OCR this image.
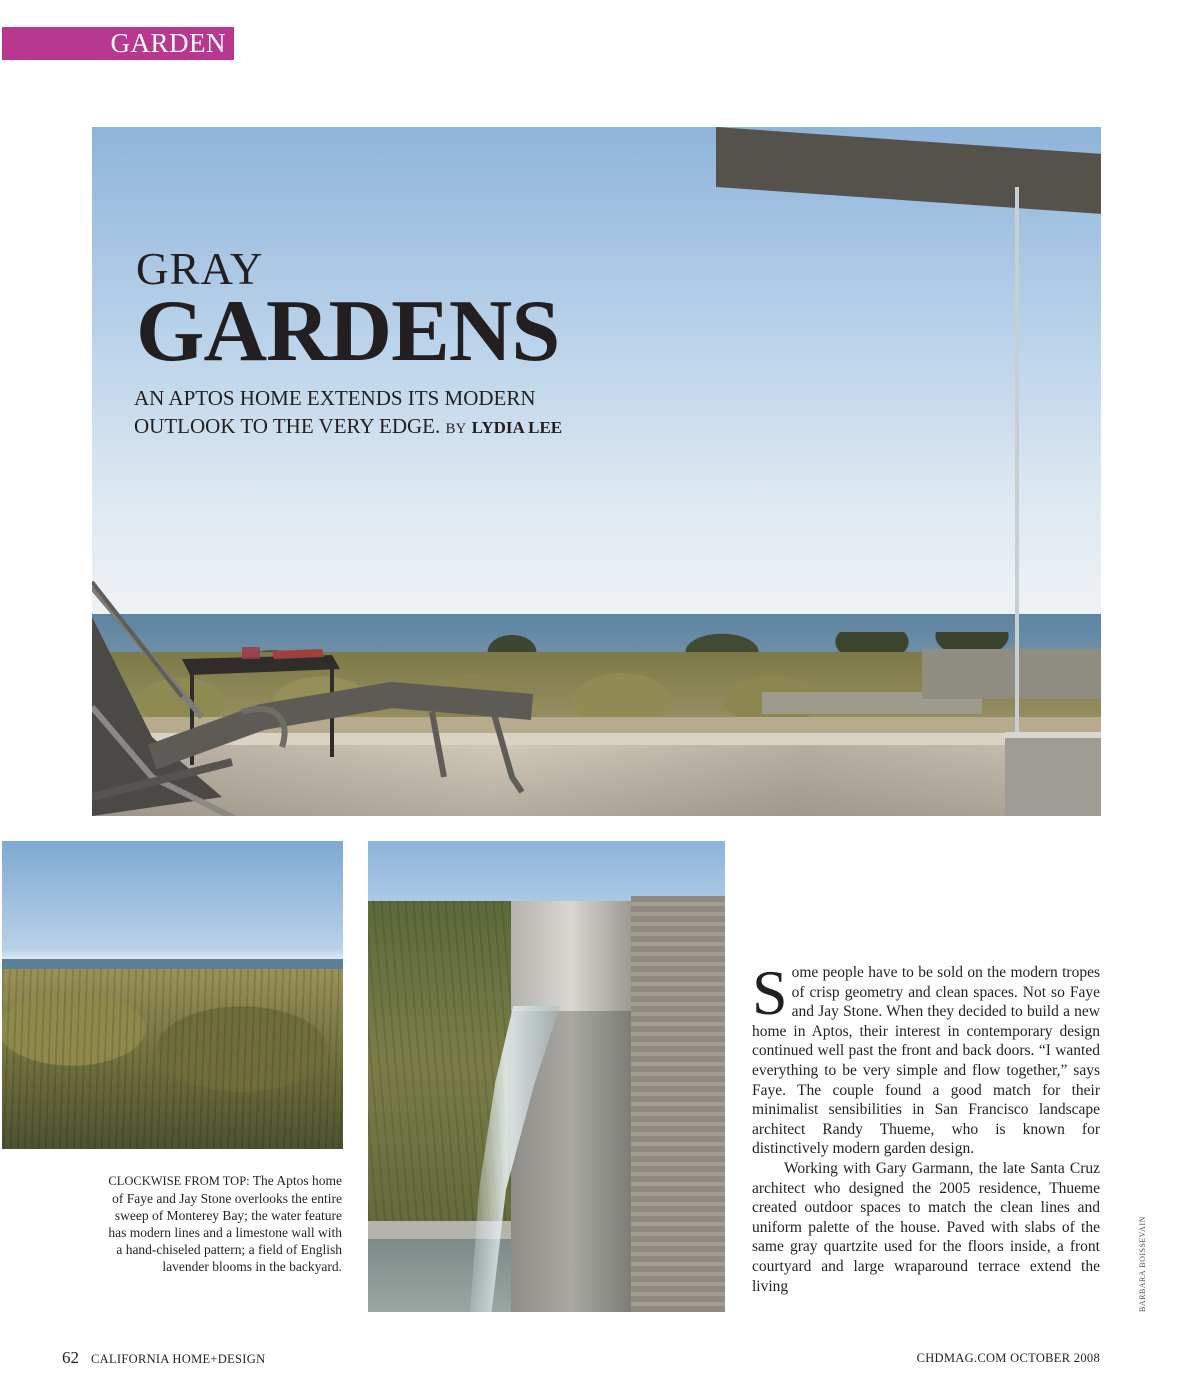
GARDEN

GRAY

GARDENS
AN APTOS HOME EXTENDS ITS MODERN
OUTLOOK TO THE VERY EDGE. BY LYDIA LEE
CLOCKWISE FROM TOP: The Aptos home of Faye and Jay Stone overlooks the entire sweep of Monterey Bay; the water feature has modern lines and a limestone wall with a hand-chiseled pattern; a field of English lavender blooms in the backyard.

Some people have to be sold on the modern tropes of crisp geometry and clean spaces. Not so Faye and Jay Stone. When they decided to build a new home in Aptos, their interest in contemporary design continued well past the front and back doors. “I wanted everything to be very simple and flow together,” says Faye. The couple found a good match for their minimalist sensibilities in San Francisco landscape architect Randy Thueme, who is known for distinctively modern garden design.

Working with Gary Garmann, the late Santa Cruz architect who designed the 2005 residence, Thueme created outdoor spaces to match the clean lines and uniform palette of the house. Paved with slabs of the same gray quartzite used for the floors inside, a front courtyard and large wraparound terrace extend the living	BARBARA BOISSEVAIN
62 CALIFORNIA HOME+DESIGN	CHDMAG.COM OCTOBER 2008
